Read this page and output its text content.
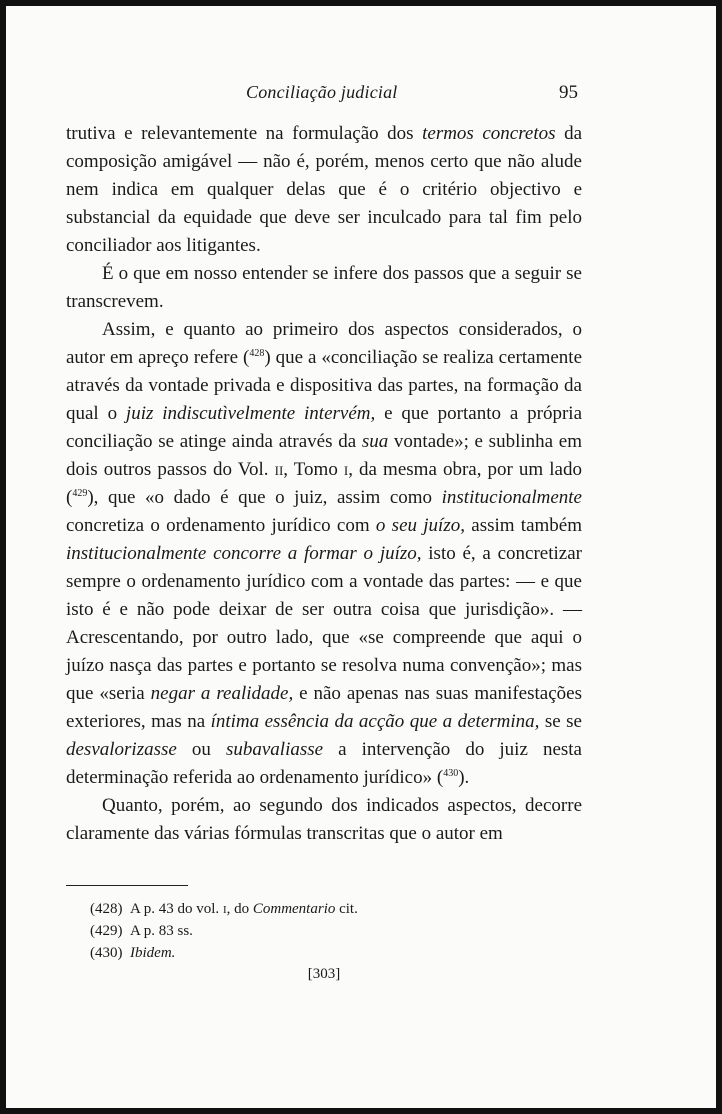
Conciliação judicial	95

trutiva e relevantemente na formulação dos termos concretos da composição amigável — não é, porém, menos certo que não alude nem indica em qualquer delas que é o critério objectivo e substancial da equidade que deve ser inculcado para tal fim pelo conciliador aos litigantes.

É o que em nosso entender se infere dos passos que a seguir se transcrevem.

Assim, e quanto ao primeiro dos aspectos considerados, o autor em apreço refere ($^{428}$) que a «conciliação se realiza certamente através da vontade privada e dispositiva das partes, na formação da qual o juiz indiscutìvelmente intervém, e que portanto a própria conciliação se atinge ainda através da sua vontade»; e sublinha em dois outros passos do Vol. ii, Tomo i, da mesma obra, por um lado ($^{429}$), que «o dado é que o juiz, assim como institucionalmente concretiza o ordenamento jurídico com o seu juízo, assim também institucionalmente concorre a formar o juízo, isto é, a concretizar sempre o ordenamento jurídico com a vontade das partes: — e que isto é e não pode deixar de ser outra coisa que jurisdição». — Acrescentando, por outro lado, que «se compreende que aqui o juízo nasça das partes e portanto se resolva numa convenção»; mas que «seria negar a realidade, e não apenas nas suas manifestações exteriores, mas na íntima essência da acção que a determina, se se desvalorizasse ou subavaliasse a intervenção do juiz nesta determinação referida ao ordenamento jurídico» ($^{430}$).

Quanto, porém, ao segundo dos indicados aspectos, decorre claramente das várias fórmulas transcritas que o autor em

(428) A p. 43 do vol. i, do Commentario cit.
(429) A p. 83 ss.
(430) Ibidem.
[303]
